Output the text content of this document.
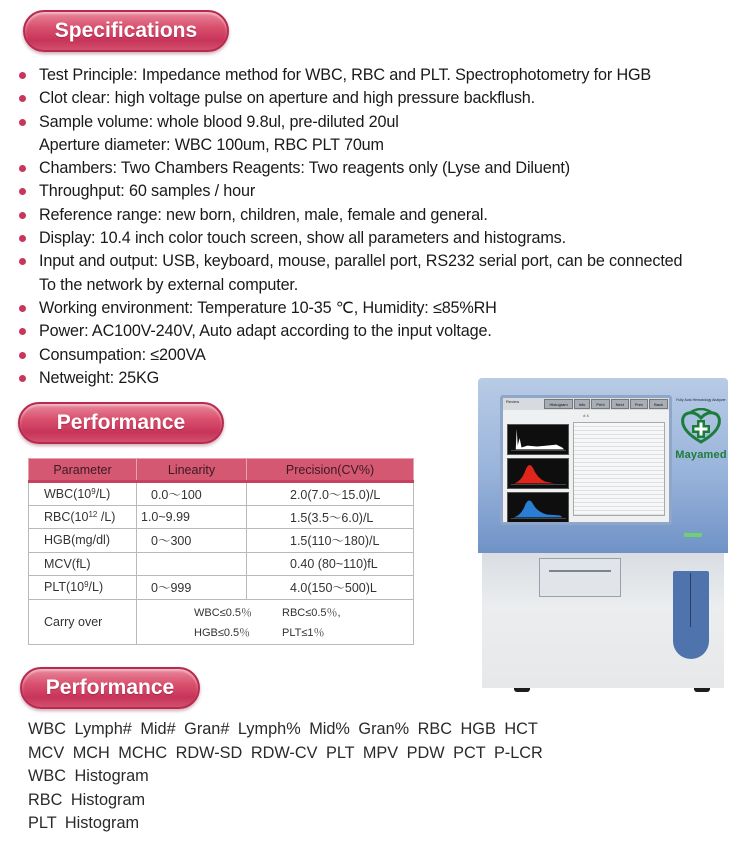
Specifications
Test Principle: Impedance method for WBC, RBC and PLT. Spectrophotometry for HGB
Clot clear: high voltage pulse on aperture and high pressure backflush.
Sample volume: whole blood 9.8ul, pre-diluted 20ul
Aperture diameter: WBC 100um, RBC PLT 70um
Chambers: Two Chambers Reagents: Two reagents only (Lyse and Diluent)
Throughput: 60 samples / hour
Reference range: new born, children, male, female and general.
Display: 10.4 inch color touch screen, show all parameters and histograms.
Input and output: USB, keyboard, mouse, parallel port, RS232 serial port, can be connected
To the network by external computer.
Working environment: Temperature 10-35 ℃, Humidity: ≤85%RH
Power: AC100V-240V, Auto adapt according to the input voltage.
Consumpation: ≤200VA
Netweight: 25KG
Performance
Parameter	Linearity	Precision(CV%)
$WBC(10^9/L)$	0.0～100	2.0(7.0～15.0)/L
$RBC(10^{12}$ /L)	1.0~9.99	1.5(3.5～6.0)/L
HGB(mg/dl)	0～300	1.5(110～180)/L
MCV(fL)		0.40 (80~110)fL
$PLT(10^9/L)$	0～999	4.0(150～500)L
Carry over	WBC≤0.5％ RBC≤0.5％,
HGB≤0.5％ PLT≤1％	
Review	Histogram	Info	Print	Next	Prev	Back
# 4
Fully Auto Hematology Analyzer
Mayamed
Performance
WBC Lymph# Mid# Gran# Lymph% Mid% Gran% RBC HGB HCT
MCV MCH MCHC RDW-SD RDW-CV PLT MPV PDW PCT P-LCR
WBC Histogram
RBC Histogram
PLT Histogram
